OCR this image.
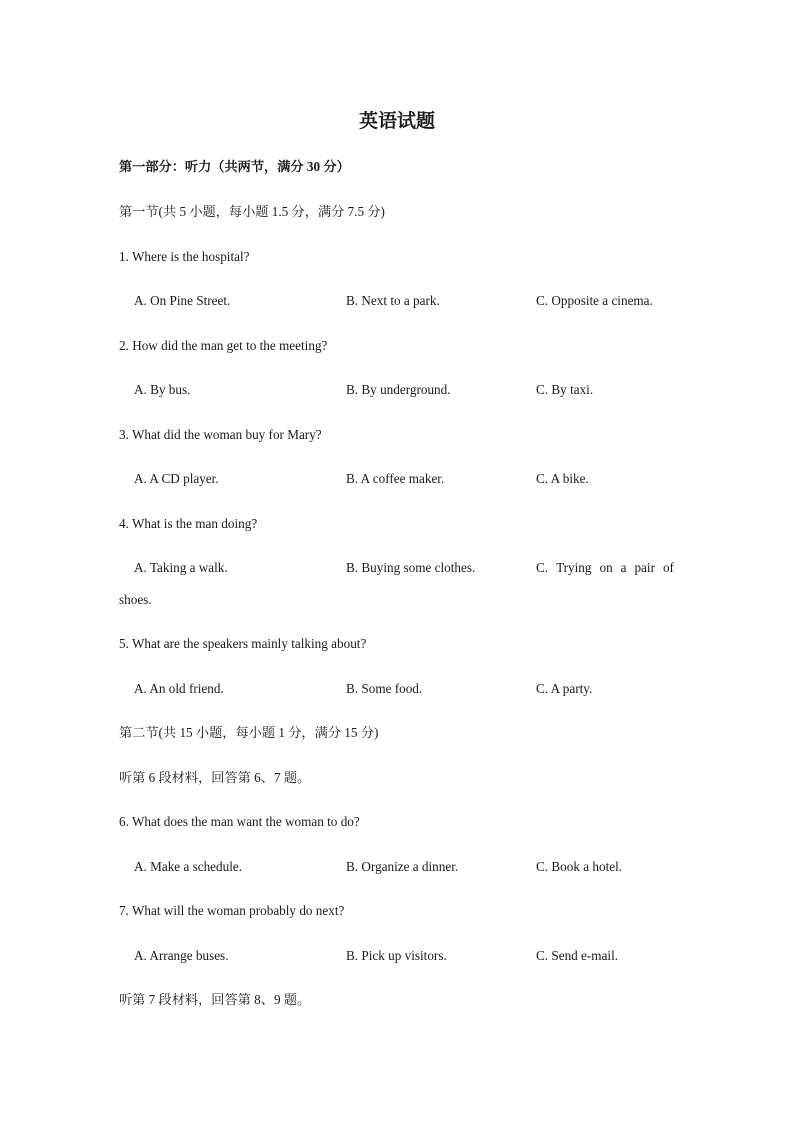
英语试题
第一部分：听力（共两节，满分 30 分）
第一节(共 5 小题，每小题 1.5 分，满分 7.5 分)
1. Where is the hospital?
A. On Pine Street.	B. Next to a park.	C. Opposite a cinema.
2. How did the man get to the meeting?
A. By bus.	B. By underground.	C. By taxi.
3. What did the woman buy for Mary?
A. A CD player.	B. A coffee maker.	C. A bike.
4. What is the man doing?
A. Taking a walk.	B. Buying some clothes.	C. Trying on a pair of
shoes.
5. What are the speakers mainly talking about?
A. An old friend.	B. Some food.	C. A party.
第二节(共 15 小题，每小题 1 分，满分 15 分)
听第 6 段材料，回答第 6、7 题。
6. What does the man want the woman to do?
A. Make a schedule.	B. Organize a dinner.	C. Book a hotel.
7. What will the woman probably do next?
A. Arrange buses.	B. Pick up visitors.	C. Send e-mail.
听第 7 段材料，回答第 8、9 题。
